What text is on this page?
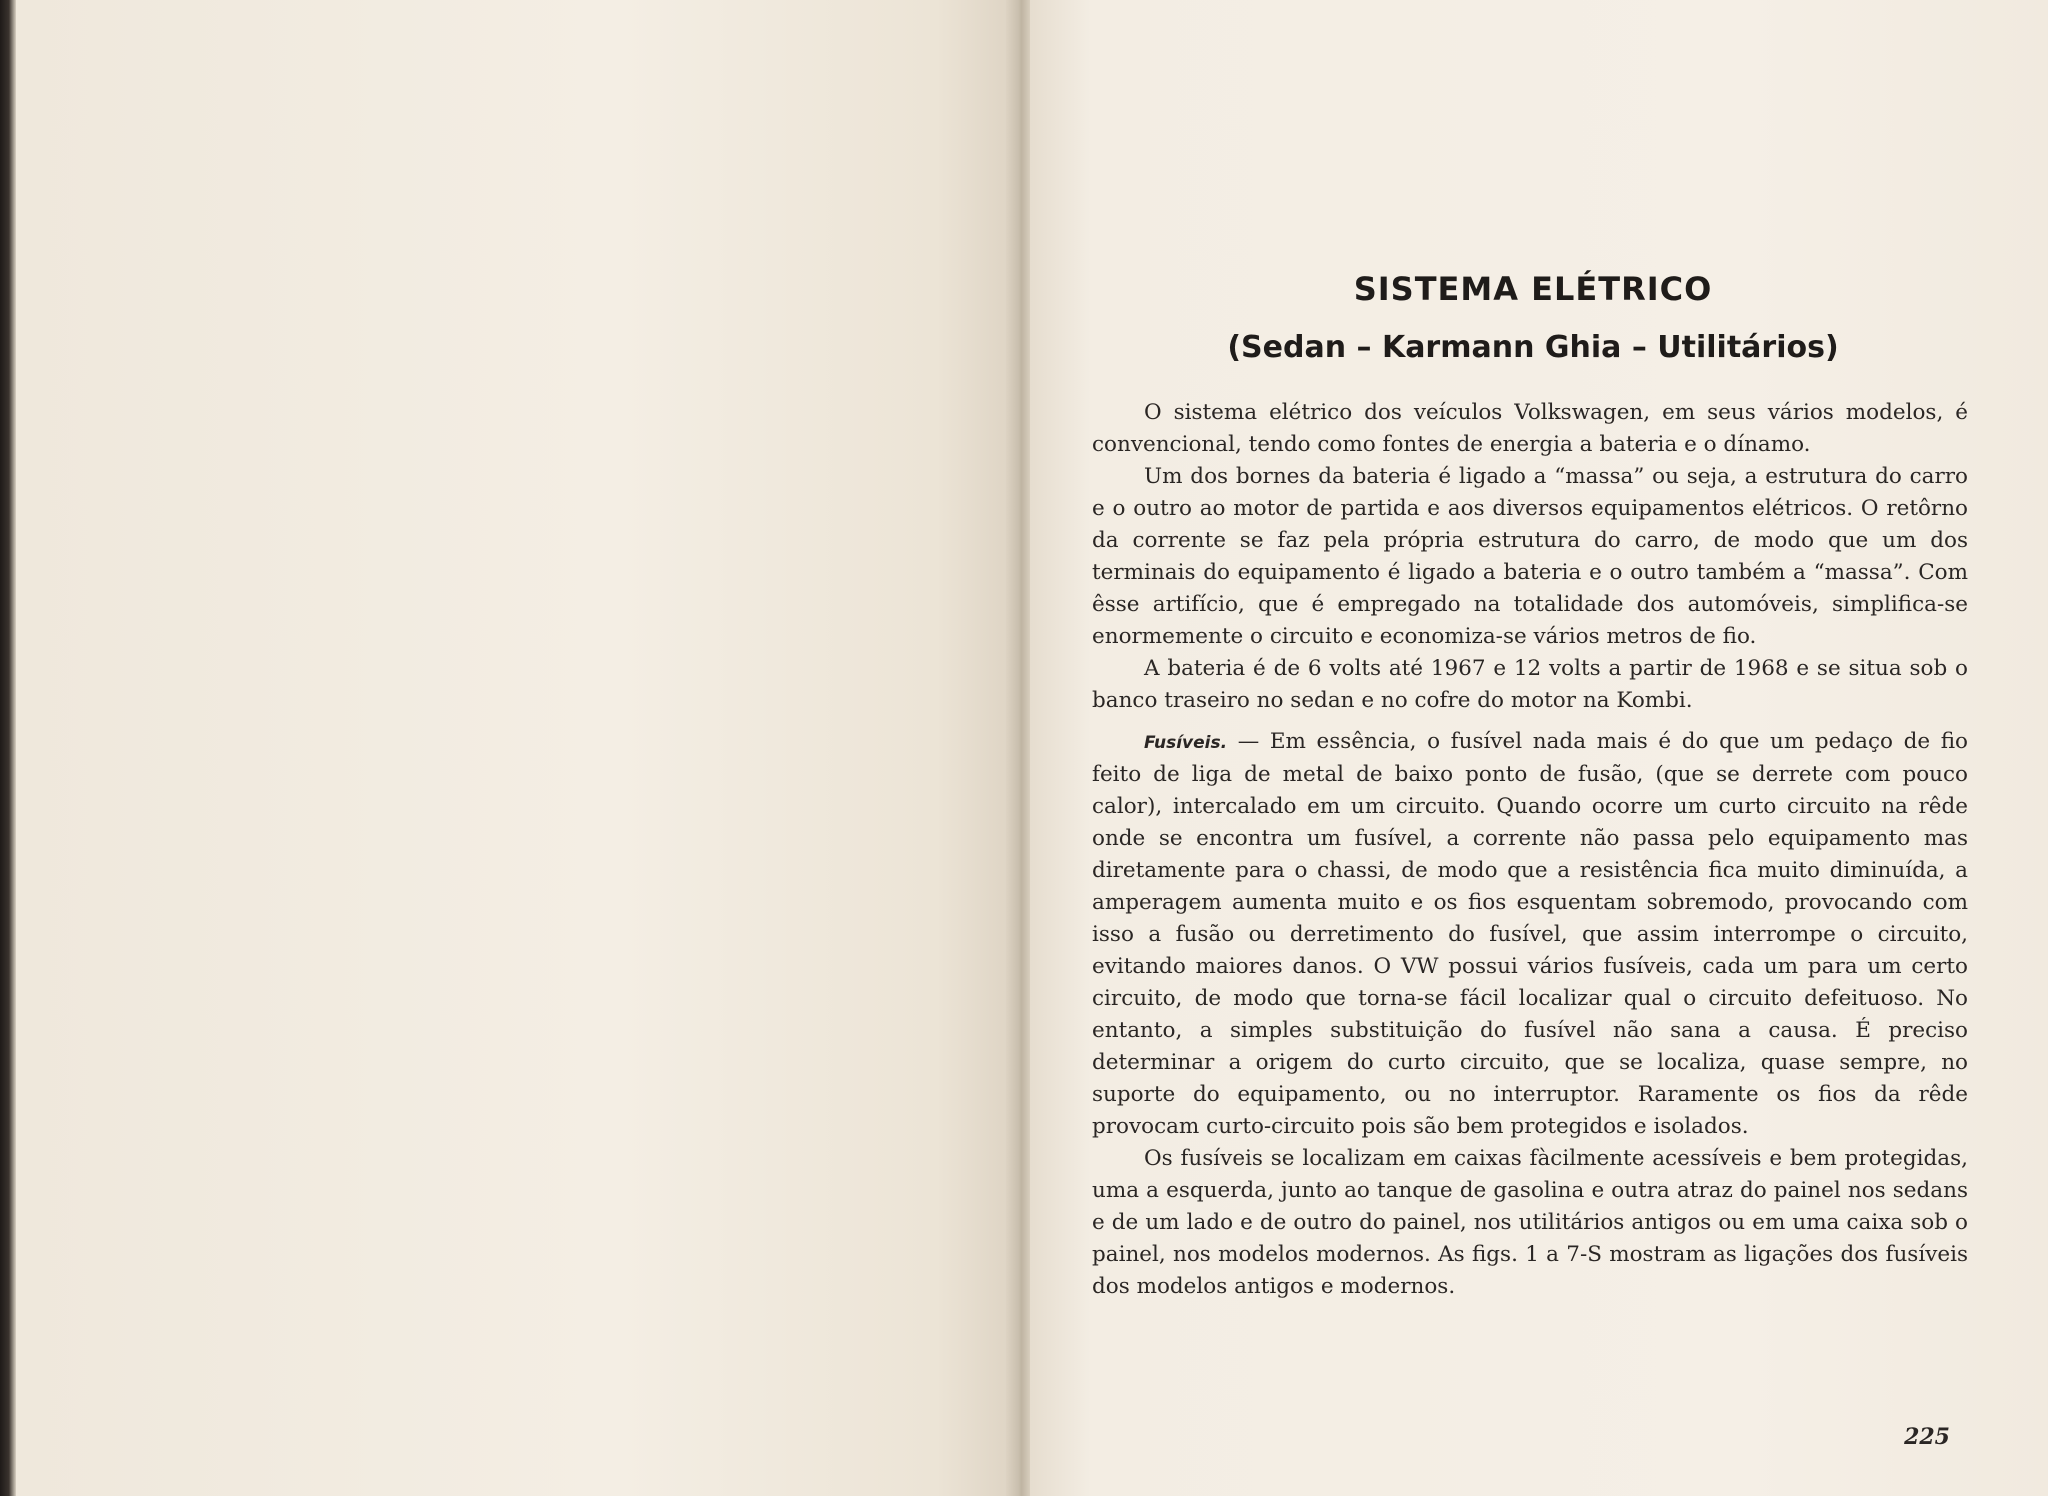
SISTEMA ELÉTRICO
(Sedan – Karmann Ghia – Utilitários)

O sistema elétrico dos veículos Volkswagen, em seus vários modelos, é convencional, tendo como fontes de energia a bateria e o dínamo.

Um dos bornes da bateria é ligado a “massa” ou seja, a estrutura do carro e o outro ao motor de partida e aos diversos equipamentos elétricos. O retôrno da corrente se faz pela própria estrutura do carro, de modo que um dos terminais do equipamento é ligado a bateria e o outro também a “massa”. Com êsse artifício, que é empregado na totalidade dos automóveis, simplifica-se enormemente o circuito e economiza-se vários metros de fio.

A bateria é de 6 volts até 1967 e 12 volts a partir de 1968 e se situa sob o banco traseiro no sedan e no cofre do motor na Kombi.

Fusíveis. — Em essência, o fusível nada mais é do que um pedaço de fio feito de liga de metal de baixo ponto de fusão, (que se derrete com pouco calor), intercalado em um circuito. Quando ocorre um curto circuito na rêde onde se encontra um fusível, a corrente não passa pelo equipamento mas diretamente para o chassi, de modo que a resistência fica muito diminuída, a amperagem aumenta muito e os fios esquentam sobremodo, provocando com isso a fusão ou derretimento do fusível, que assim interrompe o circuito, evitando maiores danos. O VW possui vários fusíveis, cada um para um certo circuito, de modo que torna-se fácil localizar qual o circuito defeituoso. No entanto, a simples substituição do fusível não sana a causa. É preciso determinar a origem do curto circuito, que se localiza, quase sempre, no suporte do equipamento, ou no interruptor. Raramente os fios da rêde provocam curto-circuito pois são bem protegidos e isolados.

Os fusíveis se localizam em caixas fàcilmente acessíveis e bem protegidas, uma a esquerda, junto ao tanque de gasolina e outra atraz do painel nos sedans e de um lado e de outro do painel, nos utilitários antigos ou em uma caixa sob o painel, nos modelos modernos. As figs. 1 a 7-S mostram as ligações dos fusíveis dos modelos antigos e modernos.

225
